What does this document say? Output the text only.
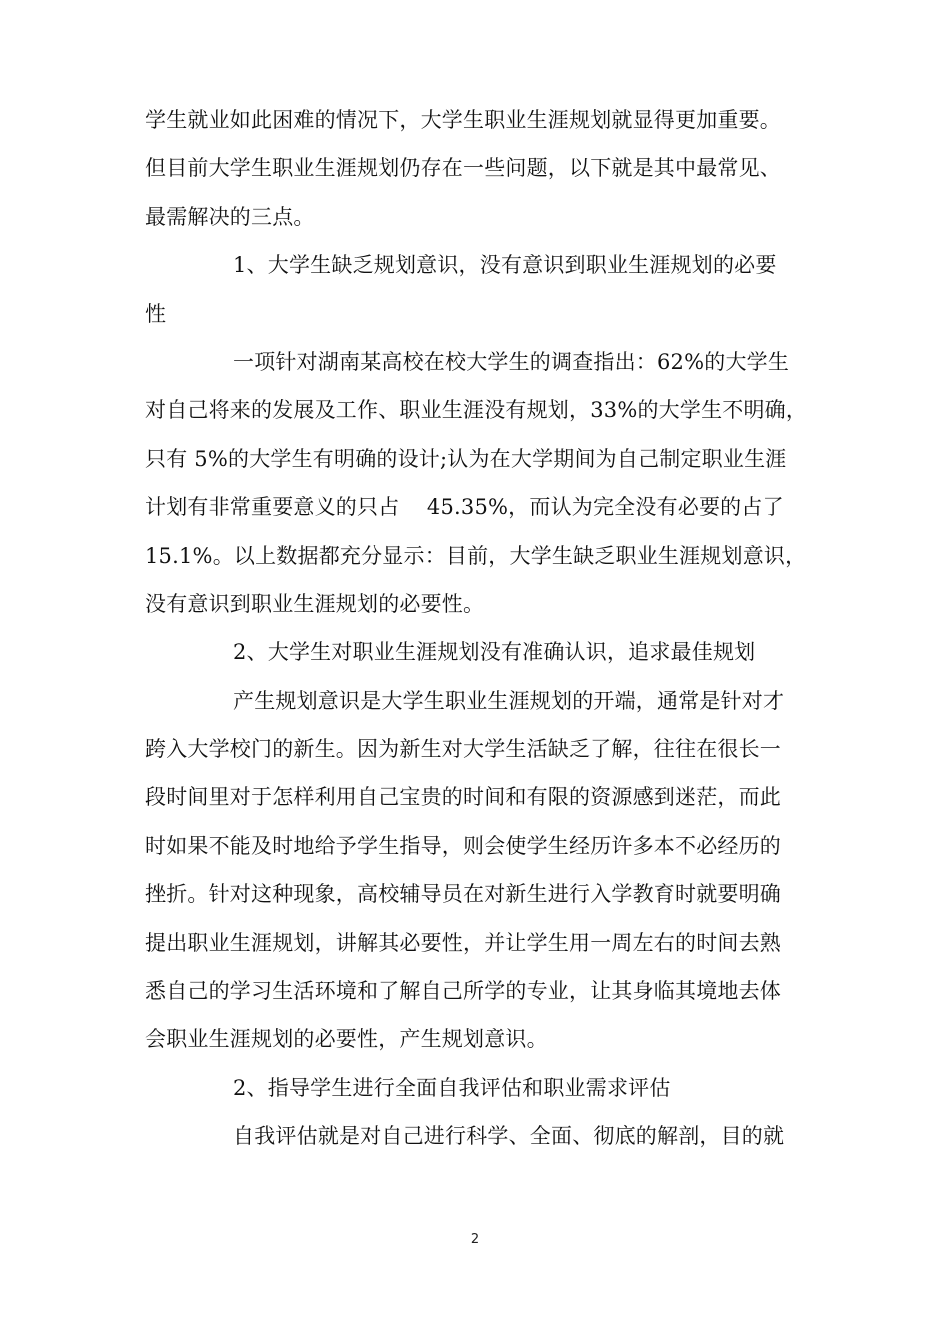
学生就业如此困难的情况下，大学生职业生涯规划就显得更加重要。
但目前大学生职业生涯规划仍存在一些问题，以下就是其中最常见、
最需解决的三点。
1、大学生缺乏规划意识，没有意识到职业生涯规划的必要
性
一项针对湖南某高校在校大学生的调查指出：62%的大学生
对自己将来的发展及工作、职业生涯没有规划，33%的大学生不明确，
只有 5%的大学生有明确的设计;认为在大学期间为自己制定职业生涯
计划有非常重要意义的只占    45.35%，而认为完全没有必要的占了
15.1%。以上数据都充分显示：目前，大学生缺乏职业生涯规划意识，
没有意识到职业生涯规划的必要性。
2、大学生对职业生涯规划没有准确认识，追求最佳规划
产生规划意识是大学生职业生涯规划的开端，通常是针对才
跨入大学校门的新生。因为新生对大学生活缺乏了解，往往在很长一
段时间里对于怎样利用自己宝贵的时间和有限的资源感到迷茫，而此
时如果不能及时地给予学生指导，则会使学生经历许多本不必经历的
挫折。针对这种现象，高校辅导员在对新生进行入学教育时就要明确
提出职业生涯规划，讲解其必要性，并让学生用一周左右的时间去熟
悉自己的学习生活环境和了解自己所学的专业，让其身临其境地去体
会职业生涯规划的必要性，产生规划意识。
2、指导学生进行全面自我评估和职业需求评估
自我评估就是对自己进行科学、全面、彻底的解剖，目的就
2
